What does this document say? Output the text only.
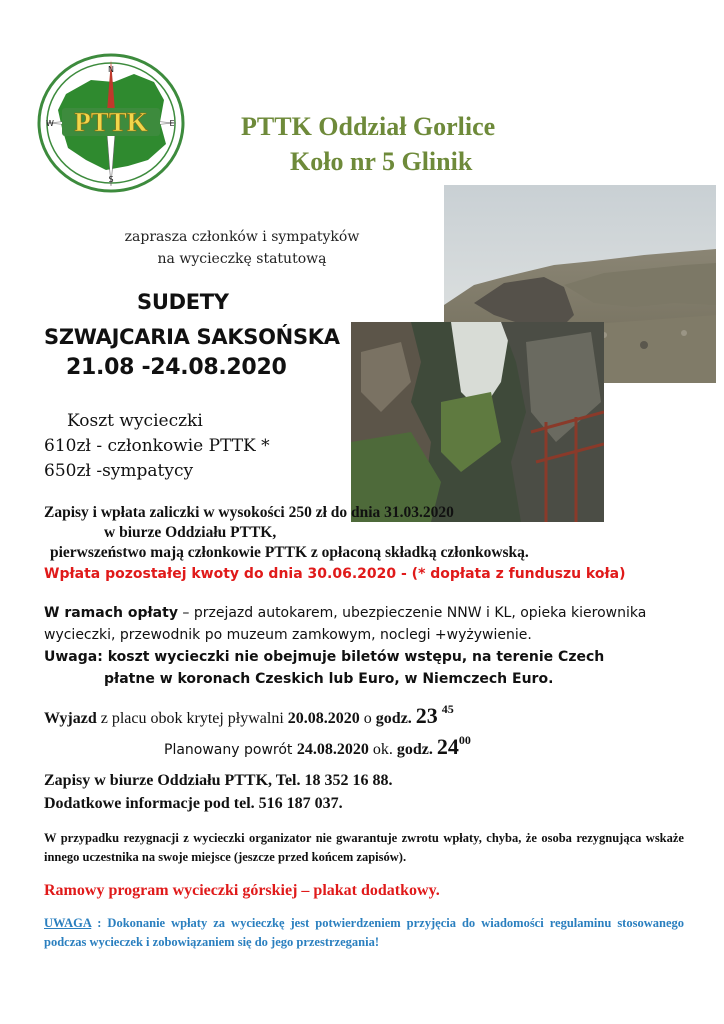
PTTK
N
E
S
W	PTTK Oddział Gorlice
Koło nr 5 Glinik
zaprasza członków i sympatyków
na wycieczkę statutową
SUDETY
SZWAJCARIA SAKSOŃSKA
21.08 -24.08.2020
Koszt wycieczki
610zł - członkowie PTTK *
650zł -sympatycy
Zapisy i wpłata zaliczki w wysokości 250 zł do dnia 31.03.2020
w biurze Oddziału PTTK,
pierwszeństwo mają członkowie PTTK z opłaconą składką członkowską.
Wpłata pozostałej kwoty do dnia 30.06.2020 - (* dopłata z funduszu koła)
W ramach opłaty – przejazd autokarem, ubezpieczenie NNW i KL, opieka kierownika
wycieczki, przewodnik po muzeum zamkowym, noclegi +wyżywienie.
Uwaga: koszt wycieczki nie obejmuje biletów wstępu, na terenie Czech
płatne w koronach Czeskich lub Euro, w Niemczech Euro.
Wyjazd z placu obok krytej pływalni 20.08.2020 o godz. 23 $^{45}$
Planowany powrót 24.08.2020 ok. godz. $24^{00}$
Zapisy w biurze Oddziału PTTK, Tel. 18 352 16 88.
Dodatkowe informacje pod tel. 516 187 037.
W przypadku rezygnacji z wycieczki organizator nie gwarantuje zwrotu wpłaty, chyba, że osoba rezygnująca wskaże innego uczestnika na swoje miejsce (jeszcze przed końcem zapisów).
Ramowy program wycieczki górskiej – plakat dodatkowy.
UWAGA : Dokonanie wpłaty za wycieczkę jest potwierdzeniem przyjęcia do wiadomości regulaminu stosowanego podczas wycieczek i zobowiązaniem się do jego przestrzegania!
